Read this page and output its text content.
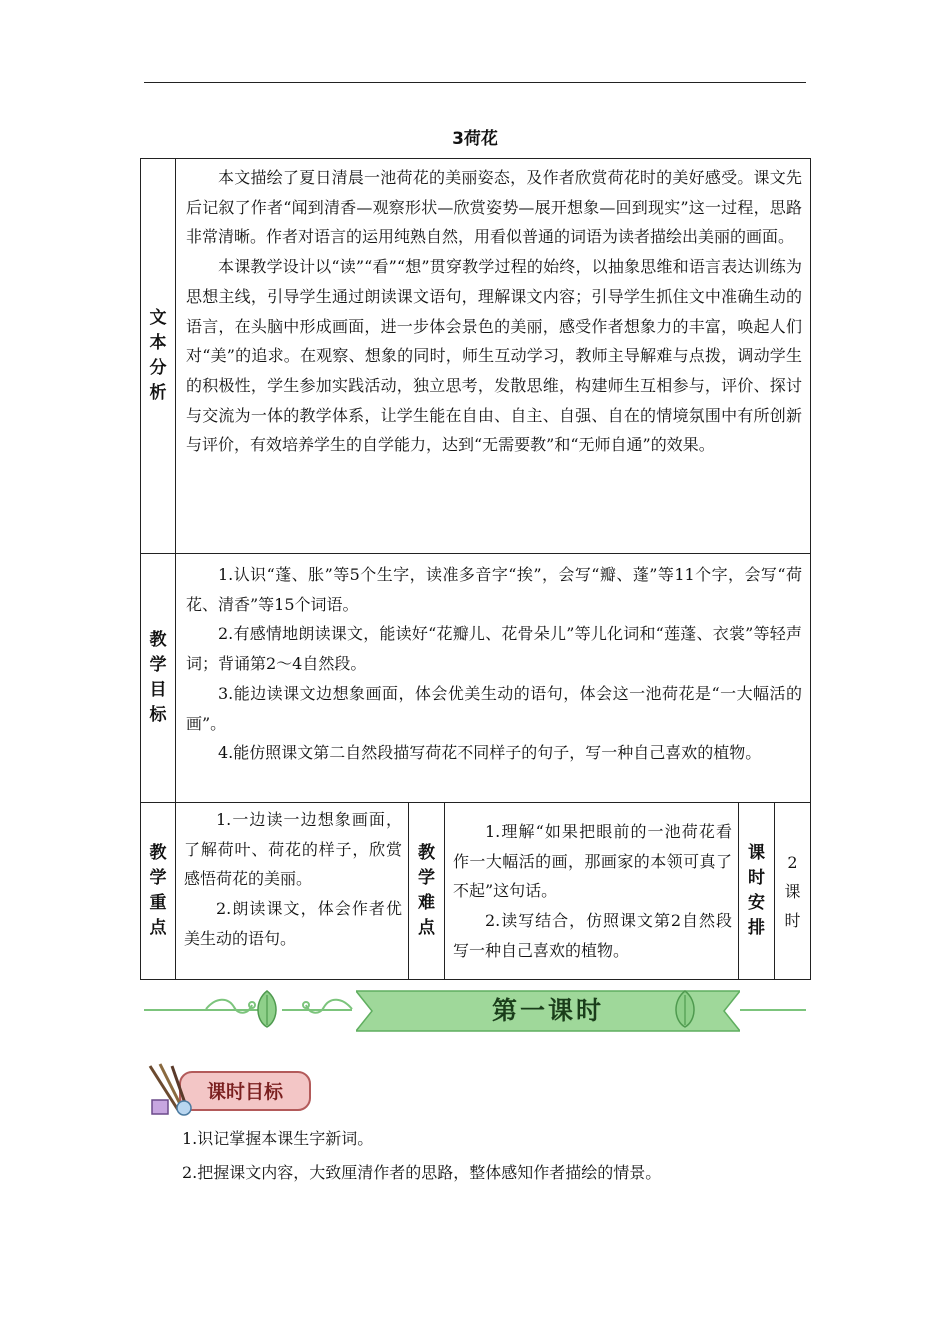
3荷花
文
本
分
析

本文描绘了夏日清晨一池荷花的美丽姿态，及作者欣赏荷花时的美好感受。课文先后记叙了作者“闻到清香—观察形状—欣赏姿势—展开想象—回到现实”这一过程，思路非常清晰。作者对语言的运用纯熟自然，用看似普通的词语为读者描绘出美丽的画面。

本课教学设计以“读”“看”“想”贯穿教学过程的始终，以抽象思维和语言表达训练为思想主线，引导学生通过朗读课文语句，理解课文内容；引导学生抓住文中准确生动的语言，在头脑中形成画面，进一步体会景色的美丽，感受作者想象力的丰富，唤起人们对“美”的追求。在观察、想象的同时，师生互动学习，教师主导解难与点拨，调动学生的积极性，学生参加实践活动，独立思考，发散思维，构建师生互相参与，评价、探讨与交流为一体的教学体系，让学生能在自由、自主、自强、自在的情境氛围中有所创新与评价，有效培养学生的自学能力，达到“无需要教”和“无师自通”的效果。

教
学
目
标

1.认识“蓬、胀”等5个生字，读准多音字“挨”，会写“瓣、蓬”等11个字，会写“荷花、清香”等15个词语。

2.有感情地朗读课文，能读好“花瓣儿、花骨朵儿”等儿化词和“莲蓬、衣裳”等轻声词；背诵第2～4自然段。

3.能边读课文边想象画面，体会优美生动的语句，体会这一池荷花是“一大幅活的画”。

4.能仿照课文第二自然段描写荷花不同样子的句子，写一种自己喜欢的植物。

教
学
重
点

1.一边读一边想象画面，了解荷叶、荷花的样子，欣赏感悟荷花的美丽。

2.朗读课文，体会作者优美生动的语句。

教
学
难
点

1.理解“如果把眼前的一池荷花看作一大幅活的画，那画家的本领可真了不起”这句话。

2.读写结合，仿照课文第2自然段写一种自己喜欢的植物。

课
时
安
排
2
课
时
第一课时
课时目标
1.识记掌握本课生字新词。
2.把握课文内容，大致厘清作者的思路，整体感知作者描绘的情景。
